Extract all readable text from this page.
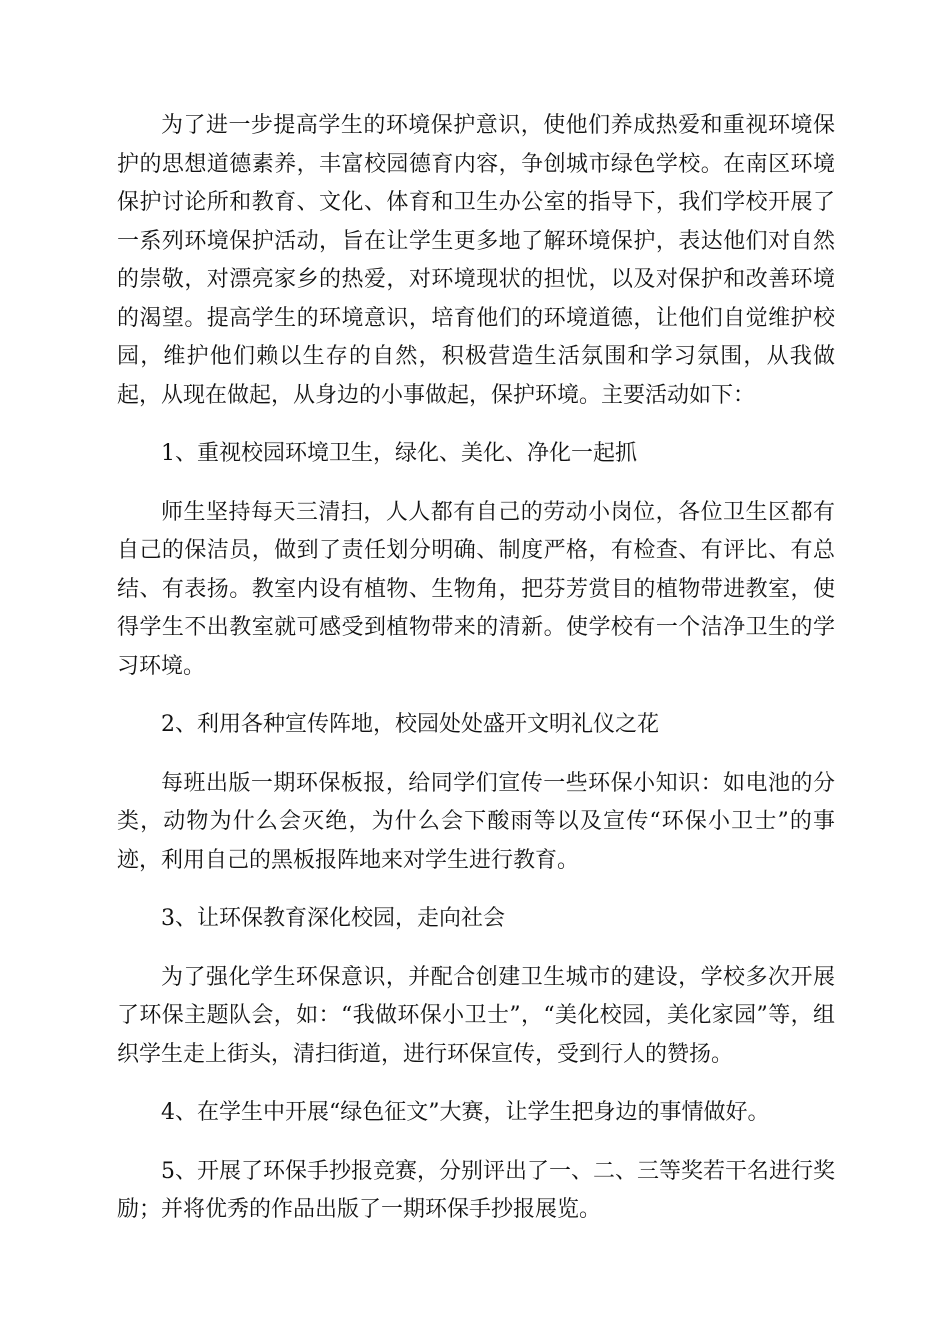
为了进一步提高学生的环境保护意识，使他们养成热爱和重视环境保护的思想道德素养，丰富校园德育内容，争创城市绿色学校。在南区环境保护讨论所和教育、文化、体育和卫生办公室的指导下，我们学校开展了一系列环境保护活动，旨在让学生更多地了解环境保护，表达他们对自然的崇敬，对漂亮家乡的热爱，对环境现状的担忧，以及对保护和改善环境的渴望。提高学生的环境意识，培育他们的环境道德，让他们自觉维护校园，维护他们赖以生存的自然，积极营造生活氛围和学习氛围，从我做起，从现在做起，从身边的小事做起，保护环境。主要活动如下：

1、重视校园环境卫生，绿化、美化、净化一起抓

师生坚持每天三清扫，人人都有自己的劳动小岗位，各位卫生区都有自己的保洁员，做到了责任划分明确、制度严格，有检查、有评比、有总结、有表扬。教室内设有植物、生物角，把芬芳赏目的植物带进教室，使得学生不出教室就可感受到植物带来的清新。使学校有一个洁净卫生的学习环境。

2、利用各种宣传阵地，校园处处盛开文明礼仪之花

每班出版一期环保板报，给同学们宣传一些环保小知识：如电池的分类，动物为什么会灭绝，为什么会下酸雨等以及宣传“环保小卫士”的事迹，利用自己的黑板报阵地来对学生进行教育。

3、让环保教育深化校园，走向社会

为了强化学生环保意识，并配合创建卫生城市的建设，学校多次开展了环保主题队会，如：“我做环保小卫士”，“美化校园，美化家园”等，组织学生走上街头，清扫街道，进行环保宣传，受到行人的赞扬。

4、在学生中开展“绿色征文”大赛，让学生把身边的事情做好。

5、开展了环保手抄报竞赛，分别评出了一、二、三等奖若干名进行奖励；并将优秀的作品出版了一期环保手抄报展览。
